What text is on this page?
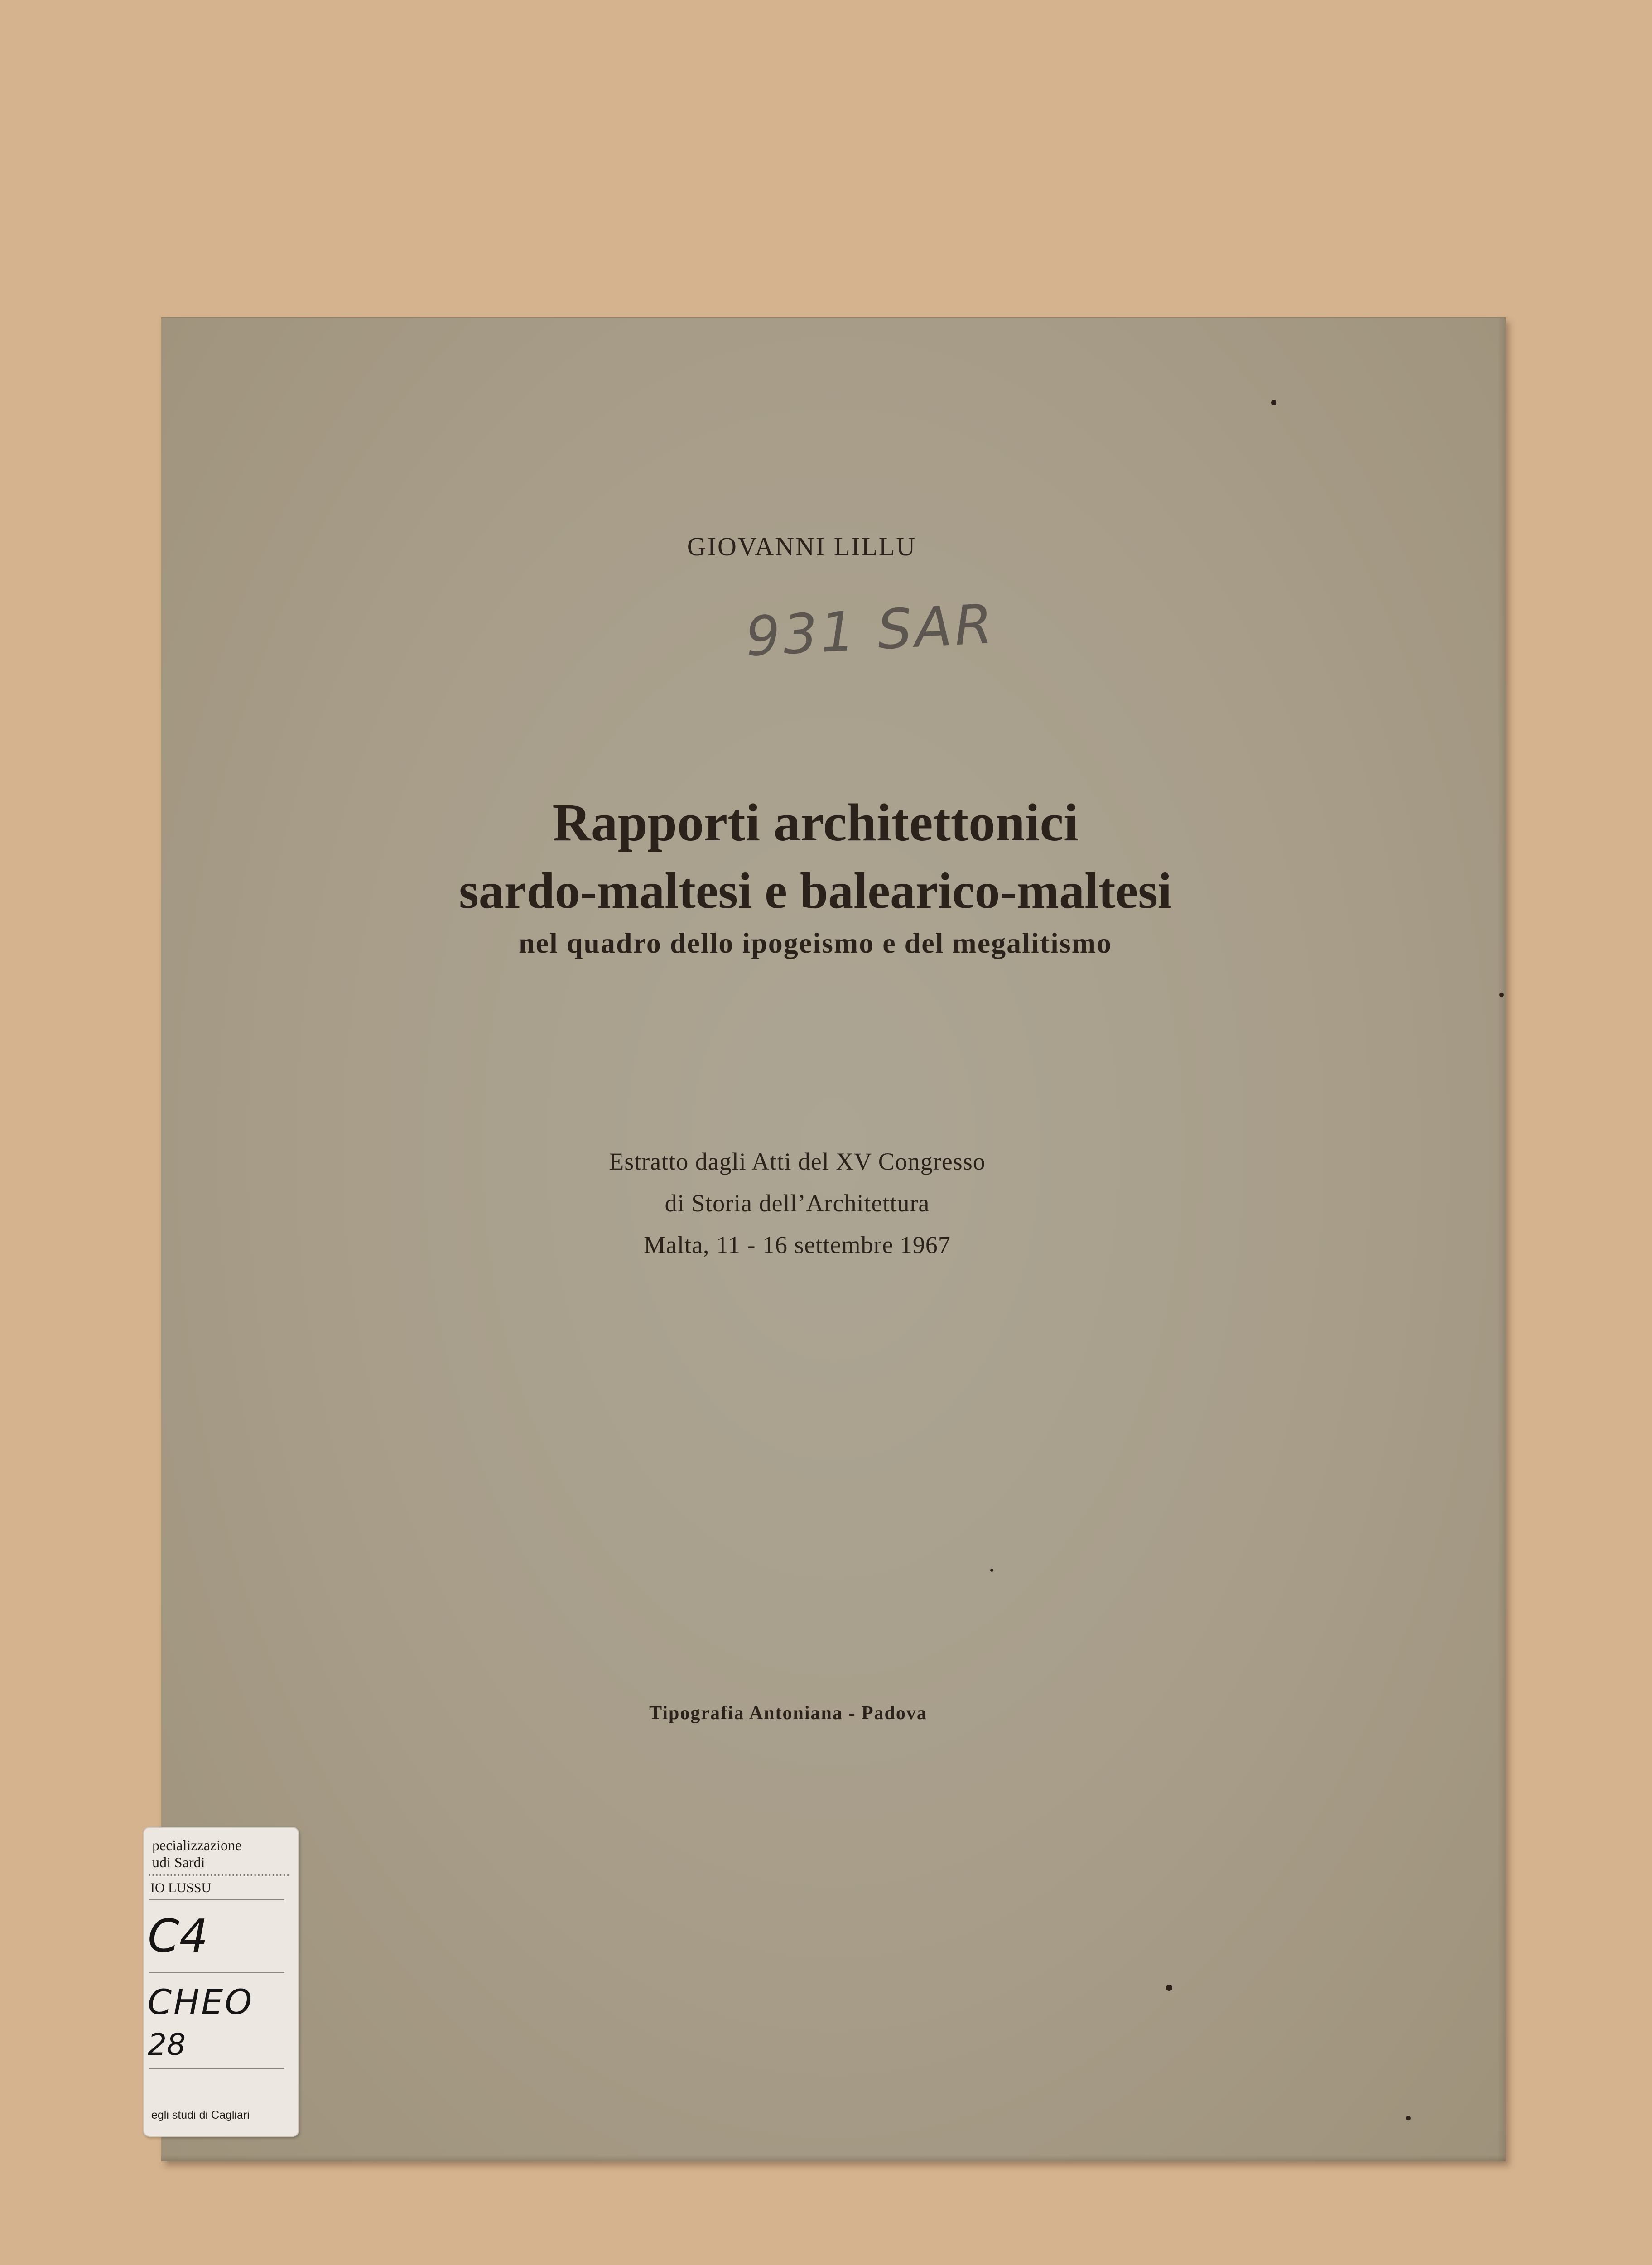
GIOVANNI LILLU
931 SAR
Rapporti architettonici
sardo-maltesi e balearico-maltesi
nel quadro dello ipogeismo e del megalitismo
Estratto dagli Atti del XV Congresso
di Storia dell’Architettura
Malta, 11 - 16 settembre 1967
Tipografia Antoniana - Padova
pecializzazione
udi Sardi
IO LUSSU
C4
CHEO
28
egli studi di Cagliari
